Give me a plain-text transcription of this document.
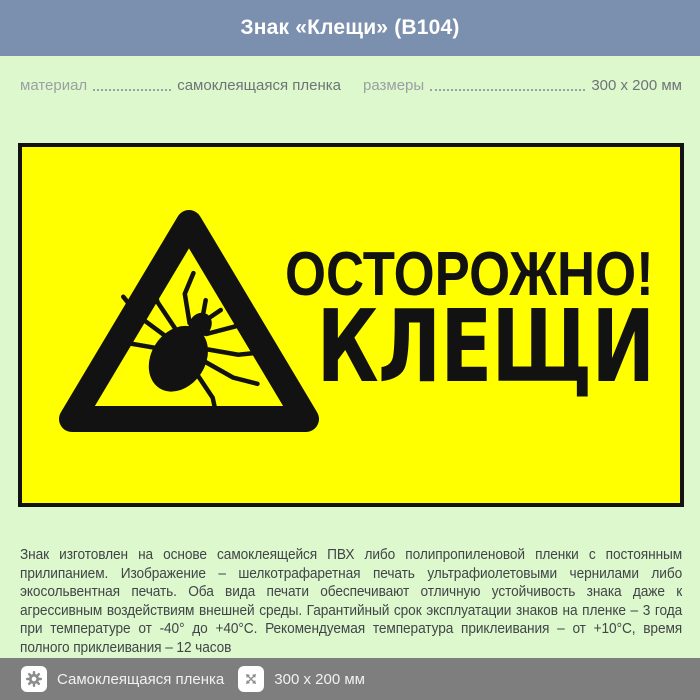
Знак «Клещи» (В104)
материал	самоклеящаяся пленка размеры	300 х 200 мм
ОСТОРОЖНО!
КЛЕЩИ

Знак изготовлен на основе самоклеящейся ПВХ либо полипропиленовой пленки с постоянным прилипанием. Изображение – шелкотрафаретная печать ультрафиолетовыми чернилами либо экосольвентная печать. Оба вида печати обеспечивают отличную устойчивость знака даже к агрессивным воздействиям внешней среды. Гарантийный срок эксплуатации знаков на пленке – 3 года при температуре от -40° до +40°С. Рекомендуемая температура приклеивания – от +10°С, время полного приклеивания – 12 часов

Самоклеящаяся пленка	300 х 200 мм
